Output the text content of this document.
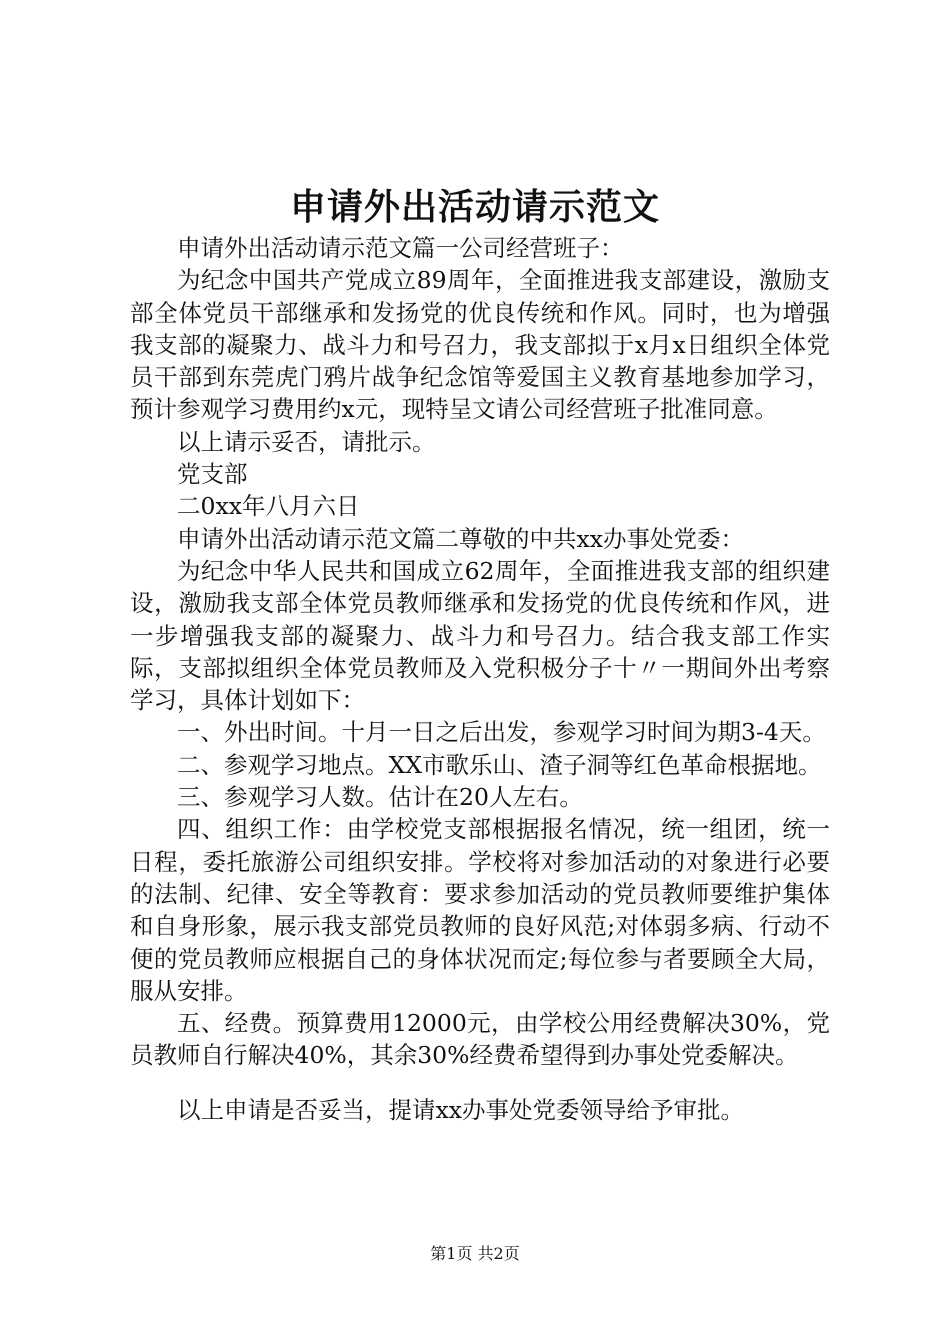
申请外出活动请示范文

申请外出活动请示范文篇一公司经营班子：

为纪念中国共产党成立89周年，全面推进我支部建设，激励支部全体党员干部继承和发扬党的优良传统和作风。同时，也为增强我支部的凝聚力、战斗力和号召力，我支部拟于x月x日组织全体党员干部到东莞虎门鸦片战争纪念馆等爱国主义教育基地参加学习，预计参观学习费用约x元，现特呈文请公司经营班子批准同意。

以上请示妥否，请批示。

党支部

二0xx年八月六日

申请外出活动请示范文篇二尊敬的中共xx办事处党委：

为纪念中华人民共和国成立62周年，全面推进我支部的组织建设，激励我支部全体党员教师继承和发扬党的优良传统和作风，进一步增强我支部的凝聚力、战斗力和号召力。结合我支部工作实际，支部拟组织全体党员教师及入党积极分子十〃一期间外出考察学习，具体计划如下：

一、外出时间。十月一日之后出发，参观学习时间为期3-4天。

二、参观学习地点。XX市歌乐山、渣子洞等红色革命根据地。

三、参观学习人数。估计在20人左右。

四、组织工作：由学校党支部根据报名情况，统一组团，统一日程，委托旅游公司组织安排。学校将对参加活动的对象进行必要的法制、纪律、安全等教育：要求参加活动的党员教师要维护集体和自身形象，展示我支部党员教师的良好风范;对体弱多病、行动不便的党员教师应根据自己的身体状况而定;每位参与者要顾全大局，服从安排。

五、经费。预算费用12000元，由学校公用经费解决30%，党员教师自行解决40%，其余30%经费希望得到办事处党委解决。

以上申请是否妥当，提请xx办事处党委领导给予审批。

第1页 共2页
